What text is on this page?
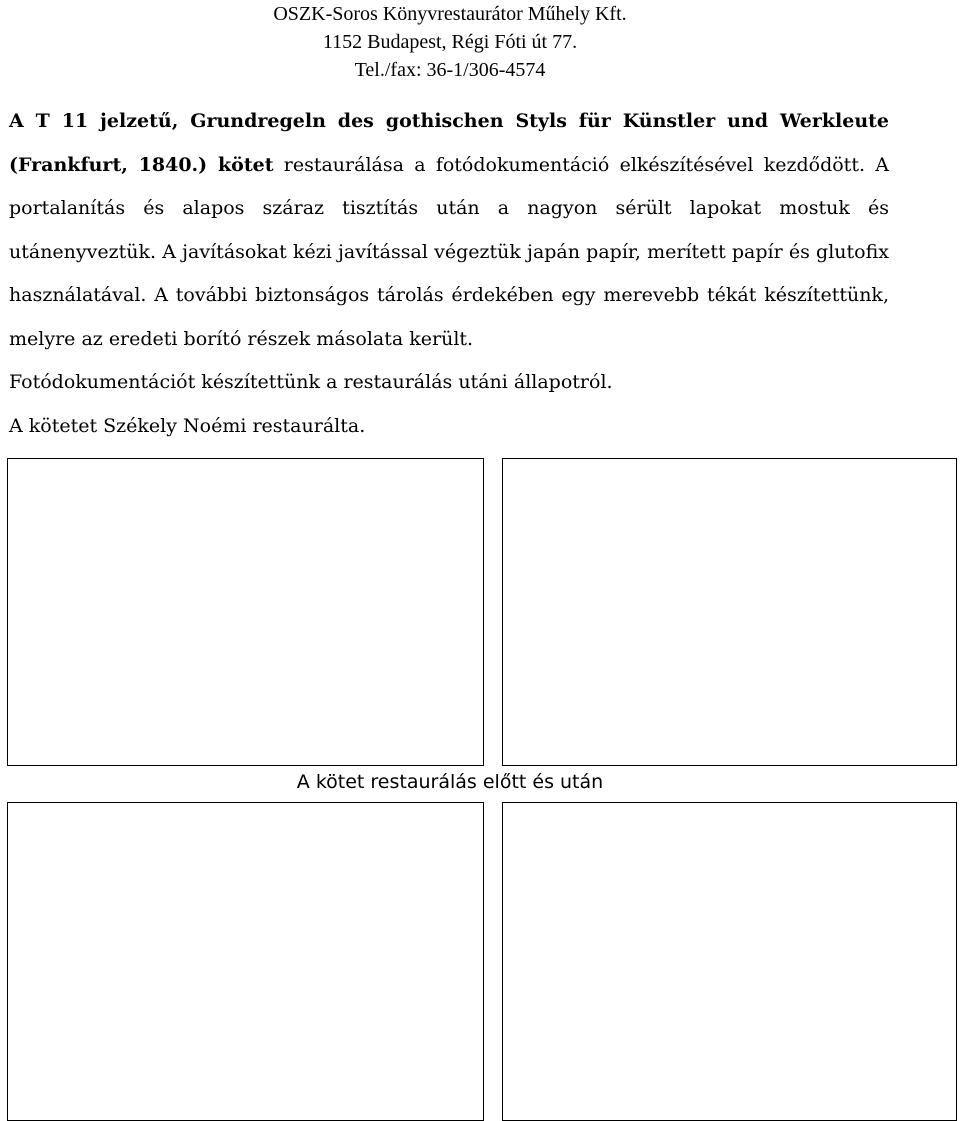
OSZK-Soros Könyvrestaurátor Műhely Kft.
1152 Budapest, Régi Fóti út 77.
Tel./fax: 36-1/306-4574

A T 11 jelzetű, Grundregeln des gothischen Styls für Künstler und Werkleute (Frankfurt, 1840.) kötet restaurálása a fotódokumentáció elkészítésével kezdődött. A portalanítás és alapos száraz tisztítás után a nagyon sérült lapokat mostuk és utánenyveztük. A javításokat kézi javítással végeztük japán papír, merített papír és glutofix használatával. A további biztonságos tárolás érdekében egy merevebb tékát készítettünk, melyre az eredeti borító részek másolata került.

Fotódokumentációt készítettünk a restaurálás utáni állapotról.

A kötetet Székely Noémi restaurálta.

A kötet restaurálás előtt és után
